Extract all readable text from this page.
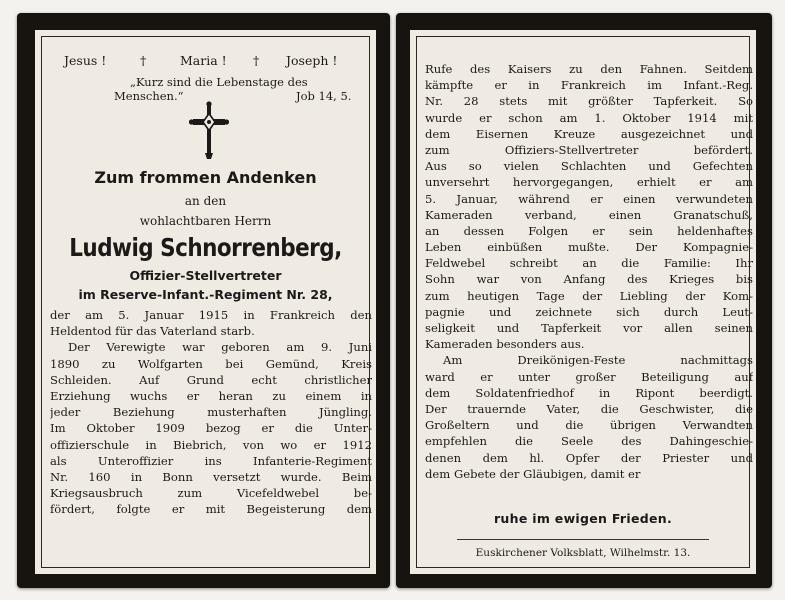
Jesus !	†	Maria ! † Joseph !
„Kurz sind die Lebenstage des
Menschen.“	Job 14, 5.
Zum frommen Andenken
an den
wohlachtbaren Herrn
Ludwig Schnorrenberg,
Offizier-Stellvertreter
im Reserve-Infant.-Regiment Nr. 28,
der am 5. Januar 1915 in Frankreich den
Heldentod für das Vaterland starb.
Der Verewigte war geboren am 9. Juni
1890 zu Wolfgarten bei Gemünd, Kreis
Schleiden. Auf Grund echt christlicher
Erziehung wuchs er heran zu einem in
jeder Beziehung musterhaften Jüngling.
Im Oktober 1909 bezog er die Unter-
offizierschule in Biebrich, von wo er 1912
als Unteroffizier ins Infanterie-Regiment
Nr. 160 in Bonn versetzt wurde. Beim
Kriegsausbruch zum Vicefeldwebel be-
fördert, folgte er mit Begeisterung dem
Rufe des Kaisers zu den Fahnen. Seitdem
kämpfte er in Frankreich im Infant.-Reg.
Nr. 28 stets mit größter Tapferkeit. So
wurde er schon am 1. Oktober 1914 mit
dem Eisernen Kreuze ausgezeichnet und
zum Offiziers-Stellvertreter befördert.
Aus so vielen Schlachten und Gefechten
unversehrt hervorgegangen, erhielt er am
5. Januar, während er einen verwundeten
Kameraden verband, einen Granatschuß,
an dessen Folgen er sein heldenhaftes
Leben einbüßen mußte. Der Kompagnie-
Feldwebel schreibt an die Familie: Ihr
Sohn war von Anfang des Krieges bis
zum heutigen Tage der Liebling der Kom-
pagnie und zeichnete sich durch Leut-
seligkeit und Tapferkeit vor allen seinen
Kameraden besonders aus.
Am Dreikönigen-Feste nachmittags
ward er unter großer Beteiligung auf
dem Soldatenfriedhof in Ripont beerdigt.
Der trauernde Vater, die Geschwister, die
Großeltern und die übrigen Verwandten
empfehlen die Seele des Dahingeschie-
denen dem hl. Opfer der Priester und
dem Gebete der Gläubigen, damit er
ruhe im ewigen Frieden.
Euskirchener Volksblatt, Wilhelmstr. 13.
